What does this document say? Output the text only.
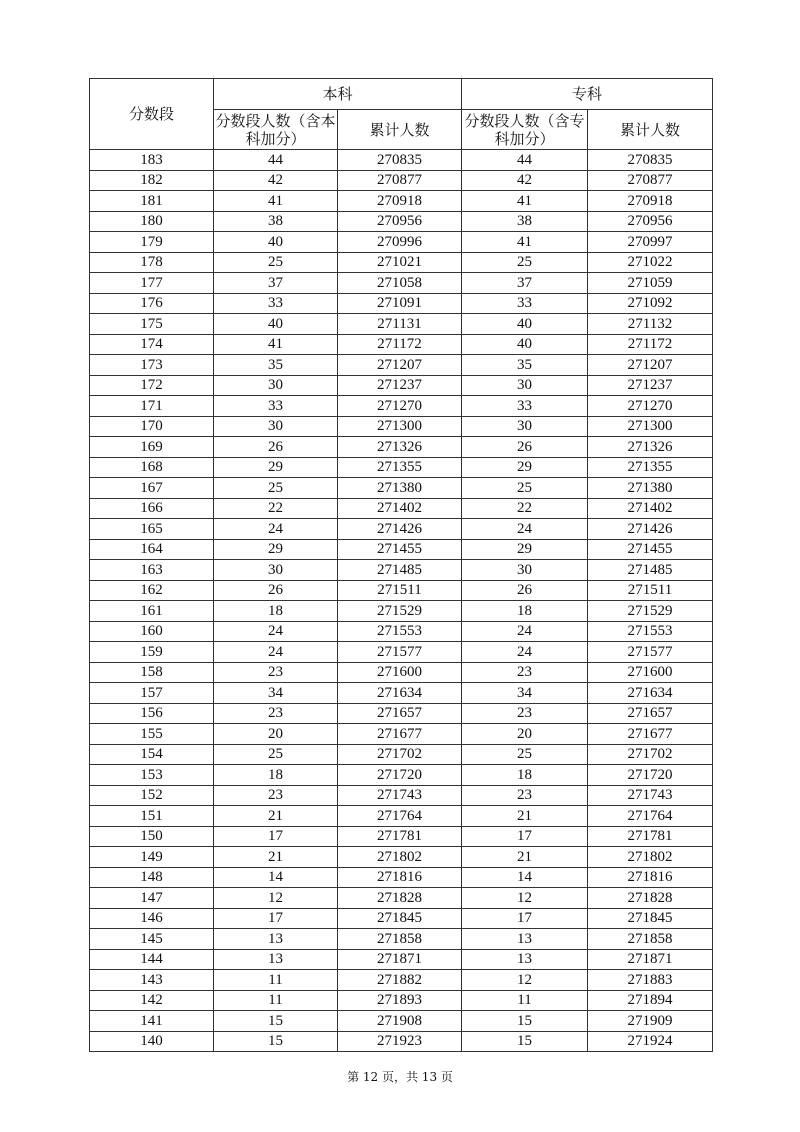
分数段	本科		专科	
	分数段人数（含本科加分）	累计人数	分数段人数（含专科加分）	累计人数
183	44	270835	44	270835
182	42	270877	42	270877
181	41	270918	41	270918
180	38	270956	38	270956
179	40	270996	41	270997
178	25	271021	25	271022
177	37	271058	37	271059
176	33	271091	33	271092
175	40	271131	40	271132
174	41	271172	40	271172
173	35	271207	35	271207
172	30	271237	30	271237
171	33	271270	33	271270
170	30	271300	30	271300
169	26	271326	26	271326
168	29	271355	29	271355
167	25	271380	25	271380
166	22	271402	22	271402
165	24	271426	24	271426
164	29	271455	29	271455
163	30	271485	30	271485
162	26	271511	26	271511
161	18	271529	18	271529
160	24	271553	24	271553
159	24	271577	24	271577
158	23	271600	23	271600
157	34	271634	34	271634
156	23	271657	23	271657
155	20	271677	20	271677
154	25	271702	25	271702
153	18	271720	18	271720
152	23	271743	23	271743
151	21	271764	21	271764
150	17	271781	17	271781
149	21	271802	21	271802
148	14	271816	14	271816
147	12	271828	12	271828
146	17	271845	17	271845
145	13	271858	13	271858
144	13	271871	13	271871
143	11	271882	12	271883
142	11	271893	11	271894
141	15	271908	15	271909
140	15	271923	15	271924
第 12 页，共 13 页
